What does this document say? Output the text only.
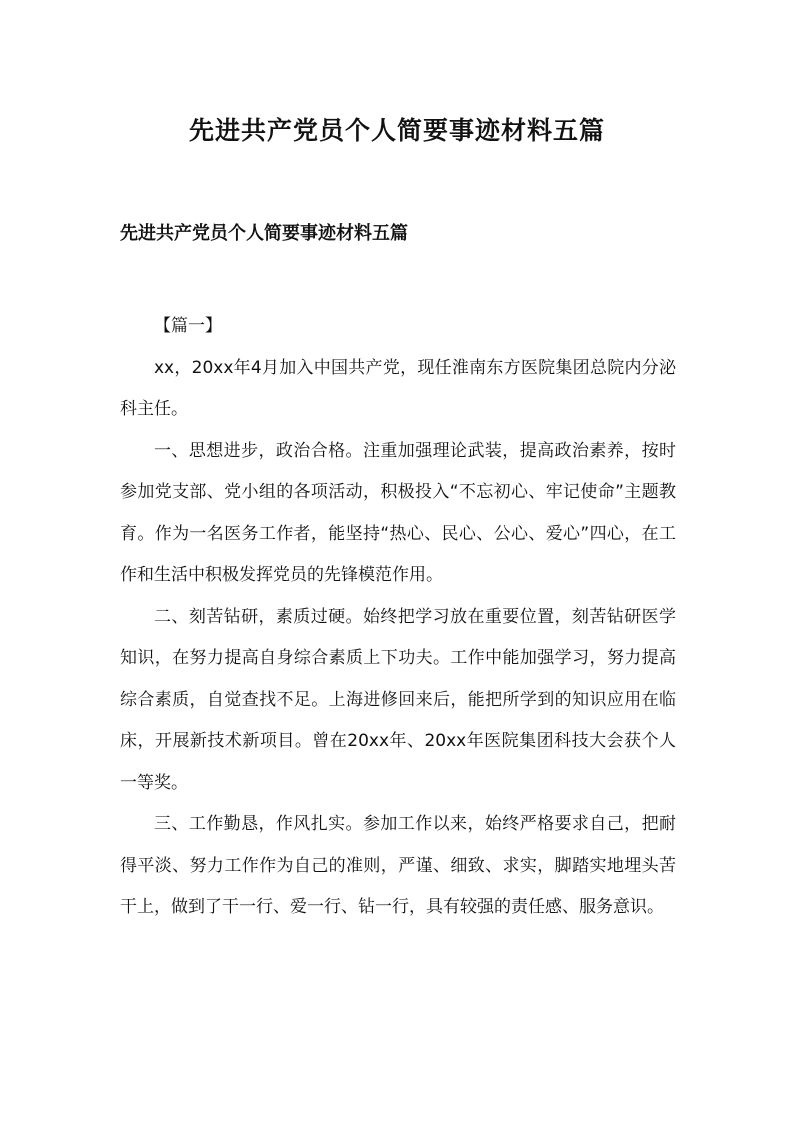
先进共产党员个人简要事迹材料五篇
先进共产党员个人简要事迹材料五篇

【篇一】

xx，20xx年4月加入中国共产党，现任淮南东方医院集团总院内分泌科主任。

一、思想进步，政治合格。注重加强理论武装，提高政治素养，按时参加党支部、党小组的各项活动，积极投入“不忘初心、牢记使命”主题教育。作为一名医务工作者，能坚持“热心、民心、公心、爱心”四心，在工作和生活中积极发挥党员的先锋模范作用。

二、刻苦钻研，素质过硬。始终把学习放在重要位置，刻苦钻研医学知识，在努力提高自身综合素质上下功夫。工作中能加强学习，努力提高综合素质，自觉查找不足。上海进修回来后，能把所学到的知识应用在临床，开展新技术新项目。曾在20xx年、20xx年医院集团科技大会获个人一等奖。

三、工作勤恳，作风扎实。参加工作以来，始终严格要求自己，把耐得平淡、努力工作作为自己的准则，严谨、细致、求实，脚踏实地埋头苦干上，做到了干一行、爱一行、钻一行，具有较强的责任感、服务意识。
